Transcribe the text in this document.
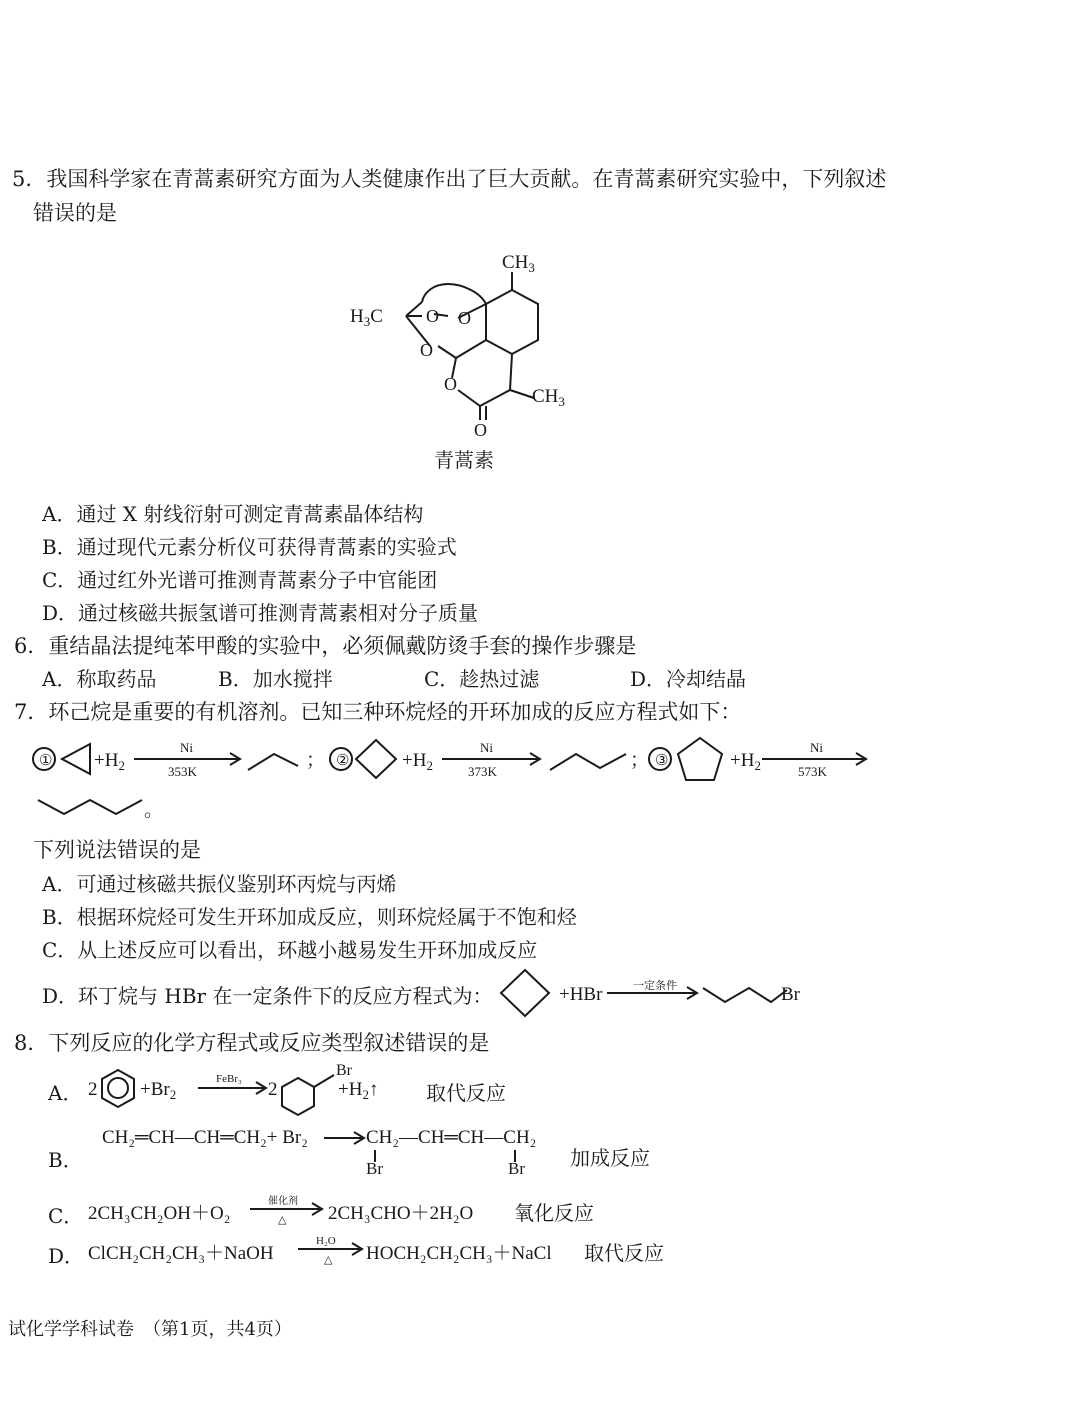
5．我国科学家在青蒿素研究方面为人类健康作出了巨大贡献。在青蒿素研究实验中，下列叙述
错误的是
$CH_3$
$H_3C$ O O
O
O
O
$CH_3$
青蒿素
A．通过 X 射线衍射可测定青蒿素晶体结构
B．通过现代元素分析仪可获得青蒿素的实验式
C．通过红外光谱可推测青蒿素分子中官能团
D．通过核磁共振氢谱可推测青蒿素相对分子质量
6．重结晶法提纯苯甲酸的实验中，必须佩戴防烫手套的操作步骤是
A．称取药品	B．加水搅拌	C．趁热过滤	D．冷却结晶
7．环己烷是重要的有机溶剂。已知三种环烷烃的开环加成的反应方程式如下：
① $+H_2$
Ni
353K
； ②	$+H_2$
Ni
373K
； ③	$+H_2$
Ni
573K
。
下列说法错误的是
A．可通过核磁共振仪鉴别环丙烷与丙烯
B．根据环烷烃可发生开环加成反应，则环烷烃属于不饱和烃
C．从上述反应可以看出，环越小越易发生开环加成反应
D．环丁烷与 HBr 在一定条件下的反应方程式为：	+HBr	一定条件	Br
8．下列反应的化学方程式或反应类型叙述错误的是
A． $2 +Br_2$
FeBr₃ 2
Br
$+H_2↑$ 取代反应
B．
CH₂═CH—CH═CH₂+ Br₂	CH₂—CH═CH—CH₂
Br	Br 加成反应
C． 2CH₃CH₂OH＋O₂
催化剂
△ 2CH₃CHO＋2H₂O 氧化反应
D． ClCH₂CH₂CH₃＋NaOH
H₂O
△ HOCH₂CH₂CH₃＋NaCl 取代反应
试化学学科试卷　（第1页，共4页）
